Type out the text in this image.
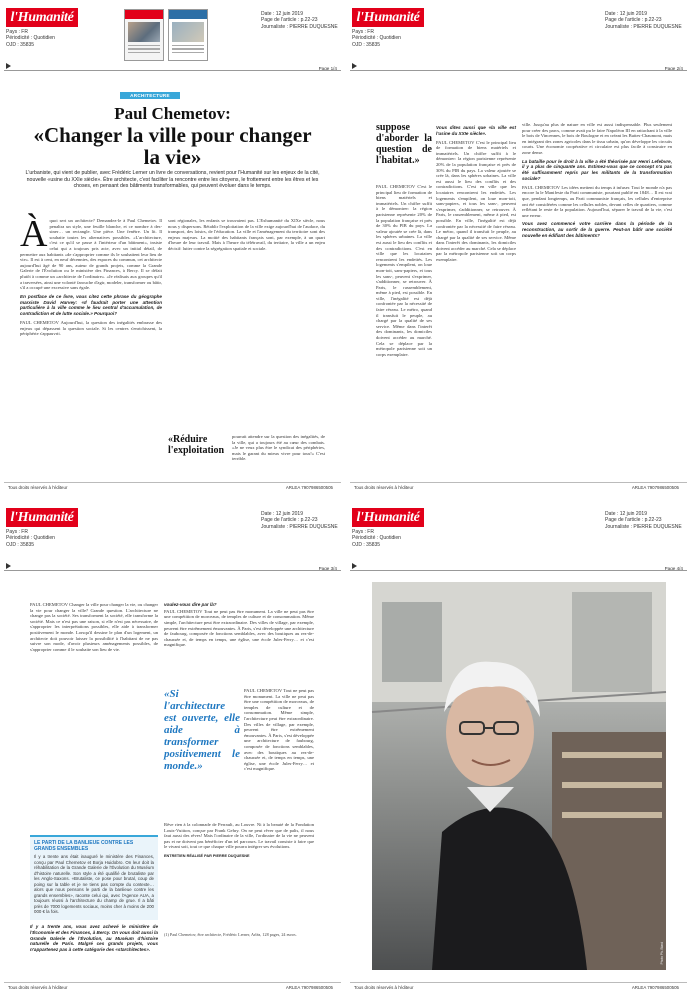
l'Humanité
Pays : FR
Périodicité : Quotidien
OJD : 35835
Date : 12 juin 2019
Page de l'article : p.22-23
Journaliste : PIERRE DUQUESNE
Page 1/4
ARCHITECTURE
Paul Chemetov:
«Changer la ville pour changer la vie»
L'urbaniste, qui vient de publier, avec Frédéric Lerner un livre de conversations, revient pour l'Humanité sur les enjeux de la cité, nouvelle «usine du XXIe siècle». Être architecte, c'est faciliter la rencontre entre les citoyens, le frottement entre les êtres et les choses, en pensant des bâtiments transformables, qui peuvent évoluer dans le temps.
À quoi sert un architecte? Demandez-le à Paul Chemetov. Il penaltra un style, une feuille blanche, et ce nombre à des-siner… un rectangle. Une pièce. Une fenêtre. Un lit. Il souhaite toutes les alternatives possibles. «L'architecture, c'est ce qu'il se passe à l'intérieur d'un bâtiment», insiste celui qui a toujours pris acte, avec un initial détail, de permettre aux habitants «de s'approprier comme ils le souhaitent leur lieu de vie». Il est à cent, en neuf décennies, des espaces du commun, cet architecte aujourd'hui âgé de 90 ans, auteur de grands projets, comme la Grande Galerie de l'Évolution ou le ministère des Finances, à Bercy. Il se défait plutôt à comme un «architecte de l'ordinaire». «Je réalisais aux groupes qu'il a traversées, ainsi une volonté farouche d'agir, modeler, transformer ou bâtir, s'il a occupé une excessive sans égale.
En postface de ce livre, vous citez cette phrase du géographe marxiste David Harvey: «Il faudrait porter une attention particulière à la ville comme le lieu central d'accumulation, de contradiction et de lutte sociale.» Pourquoi?
PAUL CHEMETOV Aujourd'hui, la question des inégalités embrasse des enjeux qui dépassent la question sociale. Si les centres s'enrichissent, la périphérie s'appauvrit.
sont régionales, les enfants se trouvaient pas. L'Exhumanité du XIXe siècle, nous nous y dispersons. Rétablir l'exploitation de la ville exige aujourd'hui de l'audace, du transport, des loisirs, de l'éducation. La ville et l'aménagement du territoire sont des enjeux majeurs. La moitié des habitants français sont, par exemple, à un quart d'heure de leur travail. Mais à l'heure du télétravail, du tertiaire, la ville a un enjeu décisif: lutter contre la ségrégation spatiale et sociale.
«Réduire l'exploitation
pourrait attendre sur la question des inégalités, de la ville, qui a toujours été au cœur des combats. «Je ne veux plus être le syndicat des périphéries, mais le garant du mieux vivre pour tous!» C'est terrible.
Tous droits réservés à l'éditeur	ARLEA 7907986500505
l'Humanité
Pays : FR
Périodicité : Quotidien
OJD : 35835
Date : 12 juin 2019
Page de l'article : p.22-23
Journaliste : PIERRE DUQUESNE
Page 2/4
suppose d'aborder la question de l'habitat.»
Vous dites aussi que «la ville est l'usine du XXIe siècle».
PAUL CHEMETOV C'est le principal lieu de formation de biens matériels et immatériels. Un chiffre suffit à le démontrer: la région parisienne représente 20% de la population française et près de 30% du PIB du pays. La valeur ajoutée se crée là, dans les sphères urbaines. La ville est aussi le lieu des conflits et des contradictions. C'est en ville que les locataires rencontrent les endettés. Les logements s'empilent, on loue mon-toit, sans-papiers, et tous les sans-, peuvent s'exprimer, s'additionner, se retrouver. À Paris, le rassemblement, même à pied, est possible. En ville, l'inégalité est déjà confrontée par la nécessité de faire réseau. Le métro, quand il transfuit le peuple, au chargé par la qualité de ses service. Même dans l'interêt des dominants, les domiciles doivent accéder au marché. Cela se déplace par la métropole parisienne soit un corps exemplaire.
PAUL CHEMETOV C'est le principal lieu de formation de biens matériels et immatériels. Un chiffre suffit à le démontrer: la région parisienne représente 20% de la population française et près de 30% du PIB du pays. La valeur ajoutée se crée là, dans les sphères urbaines. La ville est aussi le lieu des conflits et des contradictions. C'est en ville que les locataires rencontrent les endettés. Les logements s'empilent, on loue mon-toit, sans-papiers, et tous les sans-, peuvent s'exprimer, s'additionner, se retrouver. À Paris, le rassemblement, même à pied, est possible. En ville, l'inégalité est déjà confrontée par la nécessité de faire réseau. Le métro, quand il transfuit le peuple, au chargé par la qualité de ses service. Même dans l'interêt des dominants, les domiciles doivent accéder au marché. Cela se déplace par la métropole parisienne soit un corps exemplaire.
ville. Jusqu'au plus de nature en ville est aussi indispensable. Plus seulement pour créer des parcs, comme avait pu le faire Napoléon III en rattachant à la ville le bois de Vincennes, le bois de Boulogne et en créant les Buttes-Chaumont, mais en intégrant des zones agricoles dans le tissu urbain, qu'on développe les circuits courts. Une économie coopérative et circulaire est plus facile à construire en zone dense.
La bataille pour le droit à la ville a été théorisée par Henri Lefebvre, il y a plus de cinquante ans. Estimez-vous que ce concept n'a pas été suffisamment repris par les militants de la transformation sociale?
PAUL CHEMETOV Les idées mettent du temps à infuser. Tout le monde n'a pas encore lu le Manifeste du Parti communiste, pourtant publié en 1848… Il est vrai que, pendant longtemps, au Parti communiste français, les cellules d'entreprise ont été considérées comme les cellules nobles, devant celles de quartiers, comme reflétant le reste de la population. Aujourd'hui, séparer le travail de la vie, c'est une erreur.
Vous avez commencé votre carrière dans la période de la reconstruction, au sortir de la guerre. Peut-on bâtir une société nouvelle en édifiant des bâtiments?
Tous droits réservés à l'éditeur	ARLEA 7907986500505
l'Humanité
Pays : FR
Périodicité : Quotidien
OJD : 35835
Date : 12 juin 2019
Page de l'article : p.22-23
Journaliste : PIERRE DUQUESNE
Page 3/4
PAUL CHEMETOV Changer la ville pour changer la vie, ou changer la vie pour changer la ville? Grande question. L'architecture ne change pas la société. Ses transforment la société, elle transforme la société. Mais ce n'est pas une raison, si elle n'est pas nécessaire, de s'approprier les interprétations possibles, elle aide à transformer positivement le monde. Lorsqu'il dessine le plan d'un logement, un architecte doit pouvoir laisser la possibilité à l'habitant de ne pas suivre son mode, d'avoir plusieurs aménagements possibles, de s'approprier comme il le souhaite son lieu de vie.
LE PARTI DE LA BANLIEUE CONTRE LES GRANDS ENSEMBLES
Il y a trente ans était inauguré le ministère des Finances, conçu par Paul Chemetov et Borja Huidobro. On leur doit la réhabilitation de la Grande Galerie de l'Évolution du Muséum d'histoire naturelle. Son style a été qualifié de brutaliste par les Anglo-Saxons. «Brutaliste, ce pose pour brutal, coup de poing sur la table et je ne tiens pas compte du contexte… alors que nous pensons le parti de la banlieue contre les grands ensembles», raconte celui qui, avec l'Agence AUA, a toujours réussi à l'architecture du champ de grue. Il a bâti près de 7000 logements sociaux, moins cher à moins de 200 000 € la fois.
Il y a trente ans, vous avez achevé le ministère de l'Économie et des Finances, à Bercy. On vous doit aussi la Grande Galerie de l'Évolution, au Muséum d'histoire naturelle de Paris. Malgré ces grands projets, vous n'appartenez pas à cette catégorie des «starchitectes».
voulez-vous dire par là?
PAUL CHEMETOV Tout ne peut pas être monument. La ville ne peut pas être une compétition de morceaux, de temples de culture et de consommation. Même simple, l'architecture peut être extraordinaire. Des villes de village, par exemple, peuvent être extrêmement émouvantes. À Paris, s'est développée une architecture de faubourg, composée de fonctions semblables, avec des boutiques au rez-de-chaussée et, de temps en temps, une église, une école Jules-Ferry… et c'est magnifique.
«Si l'architecture est ouverte, elle aide à transformer positivement le monde.»
PAUL CHEMETOV Tout ne peut pas être monument. La ville ne peut pas être une compétition de morceaux, de temples de culture et de consommation. Même simple, l'architecture peut être extraordinaire. Des villes de village, par exemple, peuvent être extrêmement émouvantes. À Paris, s'est développée une architecture de faubourg, composée de fonctions semblables, avec des boutiques au rez-de-chaussée et, de temps en temps, une église, une école Jules-Ferry… et c'est magnifique.
Rêve rien à la colonnade de Perrault, au Louvre. Ni à la beauté de la Fondation Louis-Vuitton, conçue par Frank Gehry. On ne peut rêver que de palis, il nous faut aussi des rêves! Mais l'ordinaire de la ville, l'ordinaire de la vie ne peuvent pas et ne doivent pas bénéficier d'un tel parcours. Le travail consiste à faire que le vivant soit, tout ce que chaque ville pourra intégrer ses évolutions.
ENTRETIEN RÉALISÉ PAR PIERRE DUQUESNE
(1) Paul Chemetov, être architecte, Frédéric Lerner, Arléa, 128 pages, 24 euros.
Tous droits réservés à l'éditeur	ARLEA 7907986500505
l'Humanité
Pays : FR
Périodicité : Quotidien
OJD : 35835
Date : 12 juin 2019
Page de l'article : p.22-23
Journaliste : PIERRE DUQUESNE
Page 4/4
Photo Ph. Biard
Tous droits réservés à l'éditeur	ARLEA 7907986500505
